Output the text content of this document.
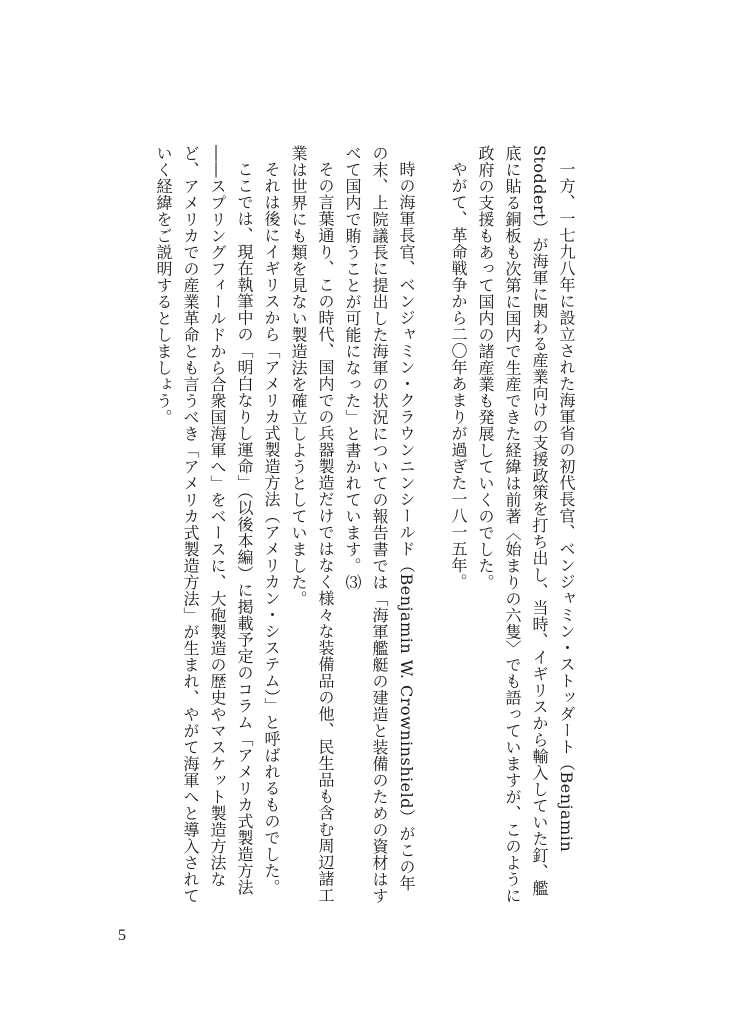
一方、一七九八年に設立された海軍省の初代長官、ベンジャミン・ストッダート（Benjamin Stoddert）が海軍に関わる産業向けの支援政策を打ち出し、当時、イギリスから輸入していた釘、艦底に貼る銅板も次第に国内で生産できた経緯は前著〈始まりの六隻〉でも語っていますが、このように政府の支援もあって国内の諸産業も発展していくのでした。

やがて、革命戦争から二〇年あまりが過ぎた一八一五年。

時の海軍長官、ベンジャミン・クラウンニンシールド（Benjamin W. Crowninshield）がこの年の末、上院議長に提出した海軍の状況についての報告書では「海軍艦艇の建造と装備のための資材はすべて国内で賄うことが可能になった」と書かれています。⑶

その言葉通り、この時代、国内での兵器製造だけではなく様々な装備品の他、民生品も含む周辺諸工業は世界にも類を見ない製造法を確立しようとしていました。

それは後にイギリスから「アメリカ式製造方法（アメリカン・システム）」と呼ばれるものでした。

ここでは、現在執筆中の「明白なりし運命」（以後本編）に掲載予定のコラム「アメリカ式製造方法――スプリングフィールドから合衆国海軍へ」をベースに、大砲製造の歴史やマスケット製造方法など、アメリカでの産業革命とも言うべき「アメリカ式製造方法」が生まれ、やがて海軍へと導入されていく経緯をご説明するとしましょう。

5
